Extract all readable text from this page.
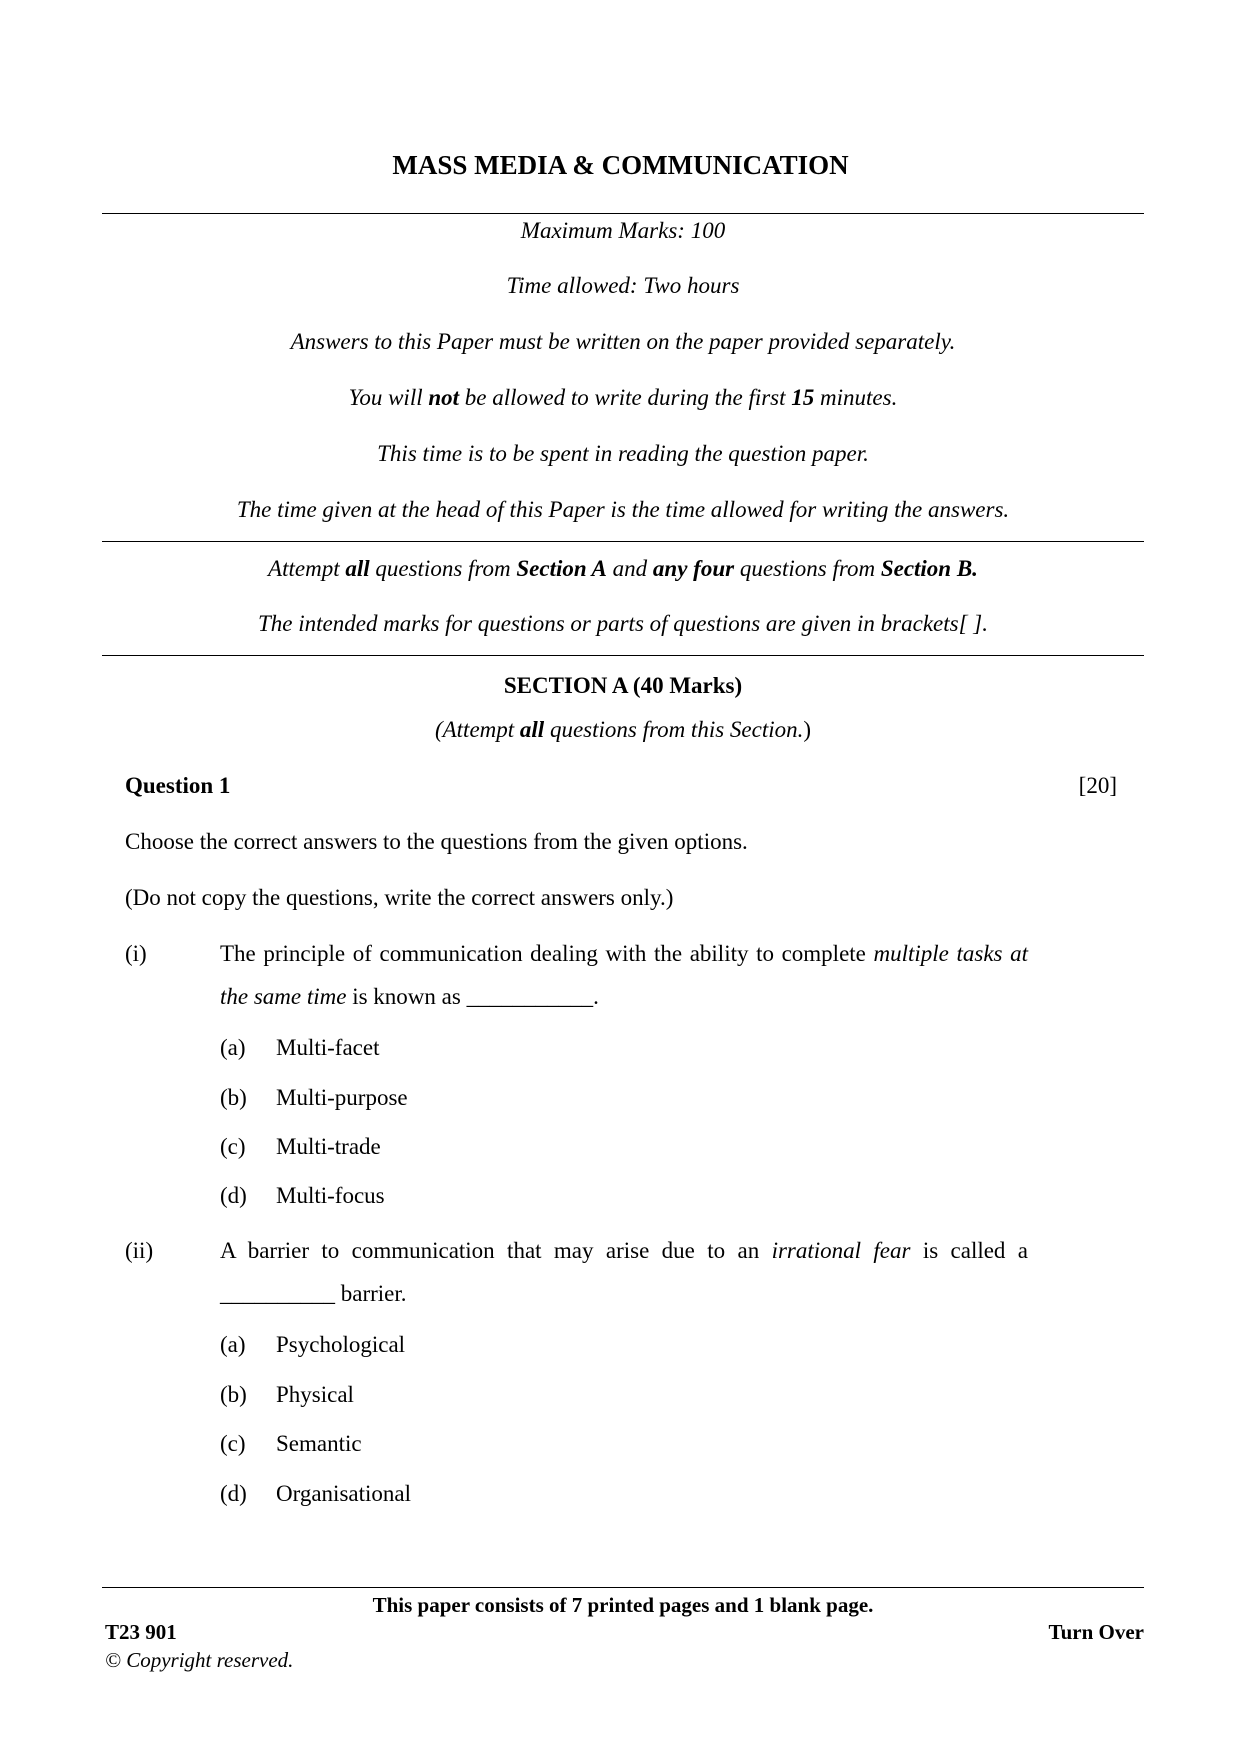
MASS MEDIA & COMMUNICATION
Maximum Marks: 100
Time allowed: Two hours
Answers to this Paper must be written on the paper provided separately.
You will not be allowed to write during the first 15 minutes.
This time is to be spent in reading the question paper.
The time given at the head of this Paper is the time allowed for writing the answers.
Attempt all questions from Section A and any four questions from Section B.
The intended marks for questions or parts of questions are given in brackets[ ].
SECTION A (40 Marks)
(Attempt all questions from this Section.)
Question 1	[20]
Choose the correct answers to the questions from the given options.
(Do not copy the questions, write the correct answers only.)
(i)	The principle of communication dealing with the ability to complete multiple tasks at the same time is known as ___________.
(a) Multi-facet
(b) Multi-purpose
(c) Multi-trade
(d) Multi-focus
(ii)	A barrier to communication that may arise due to an irrational fear is called a __________ barrier.
(a) Psychological
(b) Physical
(c) Semantic
(d) Organisational
This paper consists of 7 printed pages and 1 blank page.
T23 901	Turn Over
© Copyright reserved.
